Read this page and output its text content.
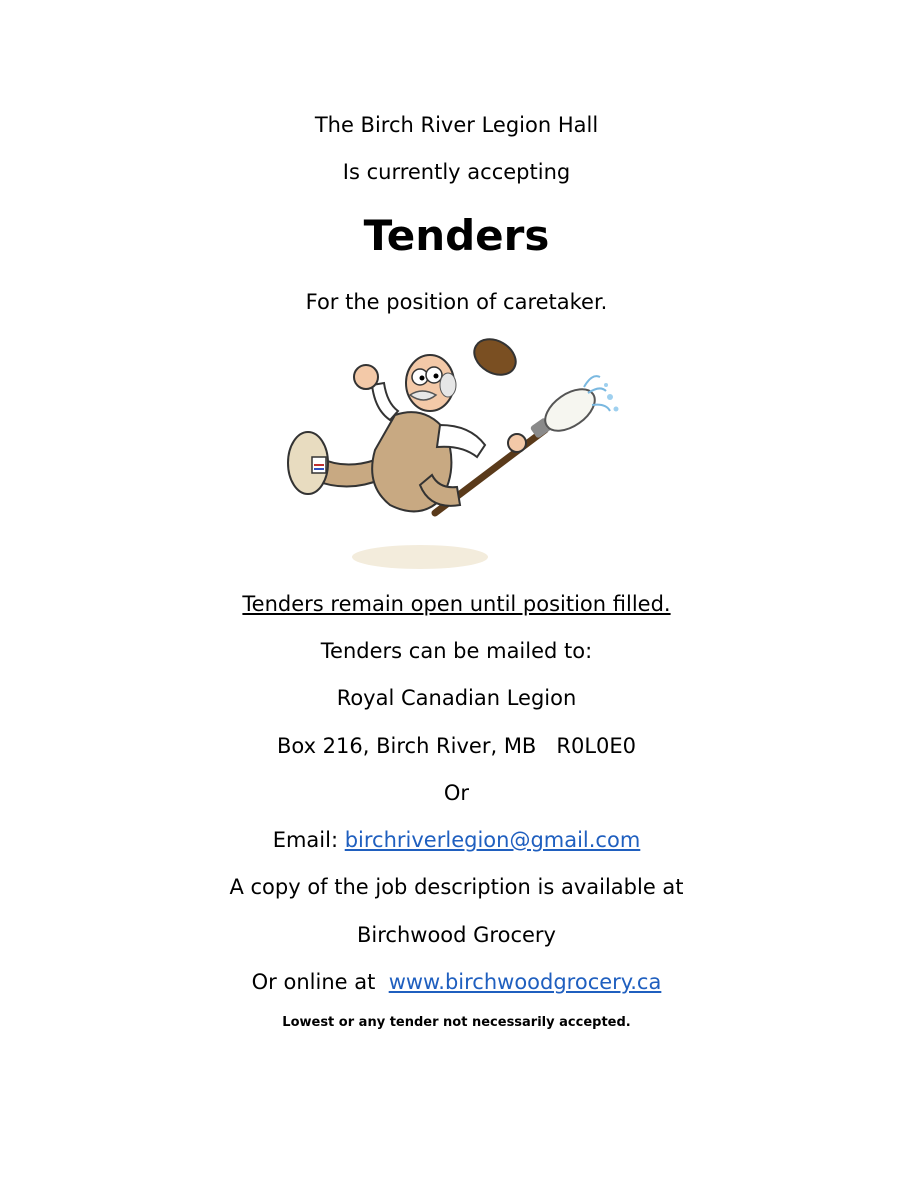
The Birch River Legion Hall
Is currently accepting
Tenders
For the position of caretaker.
Tenders remain open until position filled.
Tenders can be mailed to:
Royal Canadian Legion
Box 216, Birch River, MB   R0L0E0
Or
Email: birchriverlegion@gmail.com
A copy of the job description is available at
Birchwood Grocery
Or online at  www.birchwoodgrocery.ca
Lowest or any tender not necessarily accepted.
